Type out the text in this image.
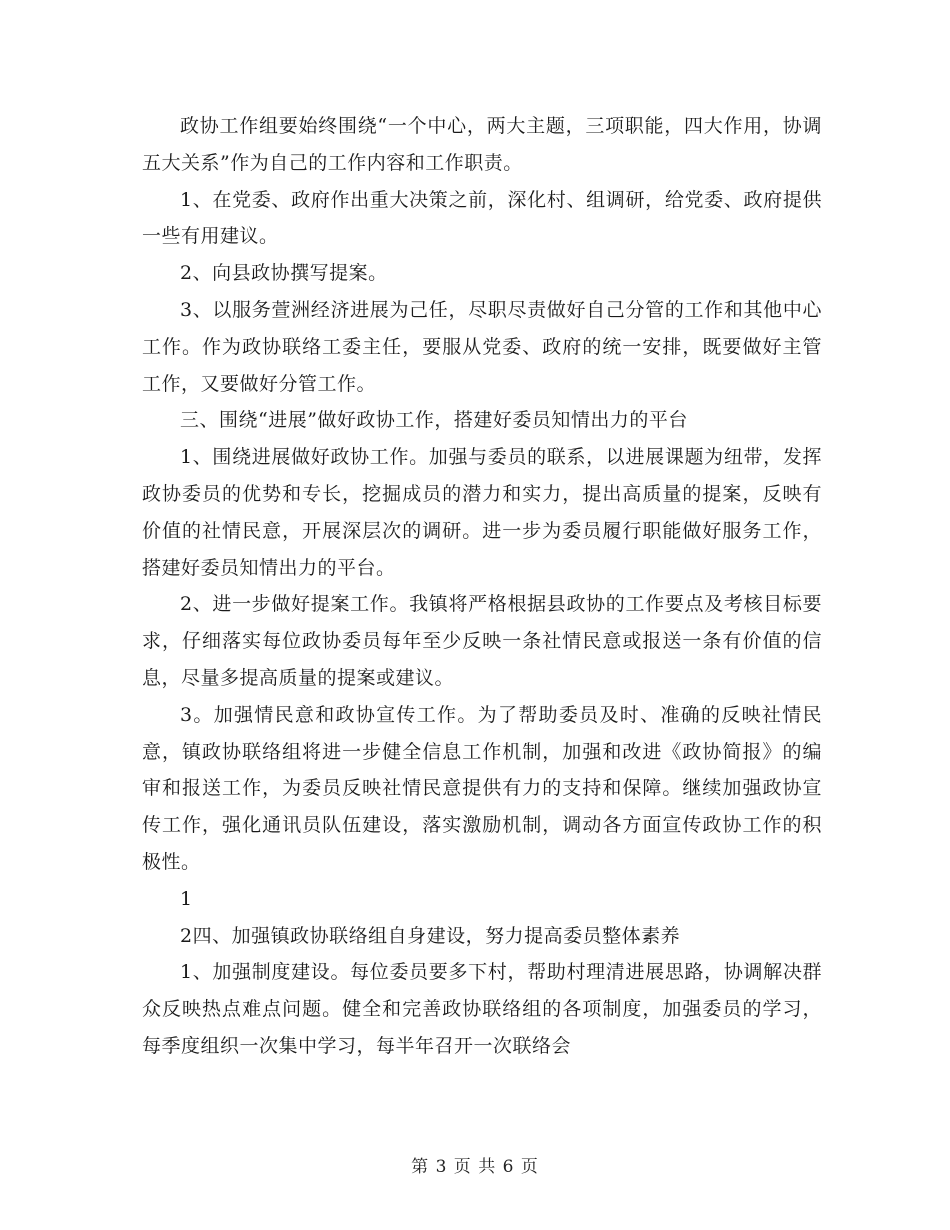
政协工作组要始终围绕“一个中心，两大主题，三项职能，四大作用，协调五大关系”作为自己的工作内容和工作职责。

1、在党委、政府作出重大决策之前，深化村、组调研，给党委、政府提供一些有用建议。

2、向县政协撰写提案。

3、以服务萱洲经济进展为己任，尽职尽责做好自己分管的工作和其他中心工作。作为政协联络工委主任，要服从党委、政府的统一安排，既要做好主管工作，又要做好分管工作。

三、围绕“进展”做好政协工作，搭建好委员知情出力的平台

1、围绕进展做好政协工作。加强与委员的联系，以进展课题为纽带，发挥政协委员的优势和专长，挖掘成员的潜力和实力，提出高质量的提案，反映有价值的社情民意，开展深层次的调研。进一步为委员履行职能做好服务工作，搭建好委员知情出力的平台。

2、进一步做好提案工作。我镇将严格根据县政协的工作要点及考核目标要求，仔细落实每位政协委员每年至少反映一条社情民意或报送一条有价值的信息，尽量多提高质量的提案或建议。

3。加强情民意和政协宣传工作。为了帮助委员及时、准确的反映社情民意，镇政协联络组将进一步健全信息工作机制，加强和改进《政协简报》的编审和报送工作，为委员反映社情民意提供有力的支持和保障。继续加强政协宣传工作，强化通讯员队伍建设，落实激励机制，调动各方面宣传政协工作的积极性。

1

2四、加强镇政协联络组自身建设，努力提高委员整体素养

1、加强制度建设。每位委员要多下村，帮助村理清进展思路，协调解决群众反映热点难点问题。健全和完善政协联络组的各项制度，加强委员的学习，每季度组织一次集中学习，每半年召开一次联络会

第 3 页 共 6 页
